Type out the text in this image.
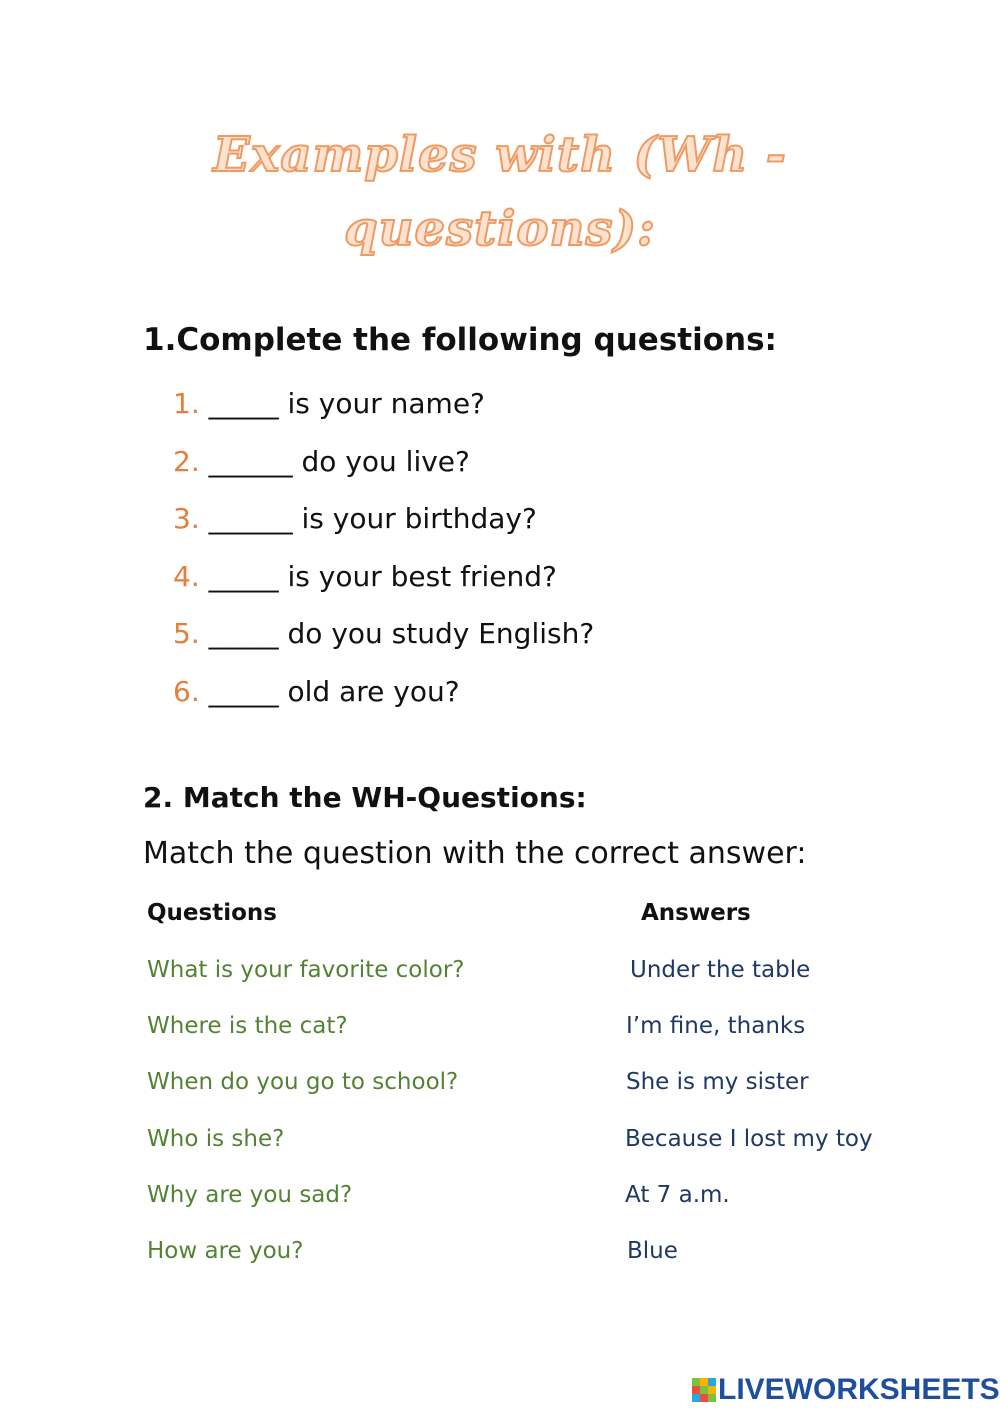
Examples with (Wh -
questions):
1.Complete the following questions:
1. _____ is your name?
2. ______ do you live?
3. ______ is your birthday?
4. _____ is your best friend?
5. _____ do you study English?
6. _____ old are you?
2. Match the WH-Questions:
Match the question with the correct answer:
Questions	Answers
What is your favorite color?
Where is the cat?
When do you go to school?
Who is she?
Why are you sad?
How are you?
Under the table
I’m fine, thanks
She is my sister
Because I lost my toy
At 7 a.m.
Blue
LIVEWORKSHEETS
